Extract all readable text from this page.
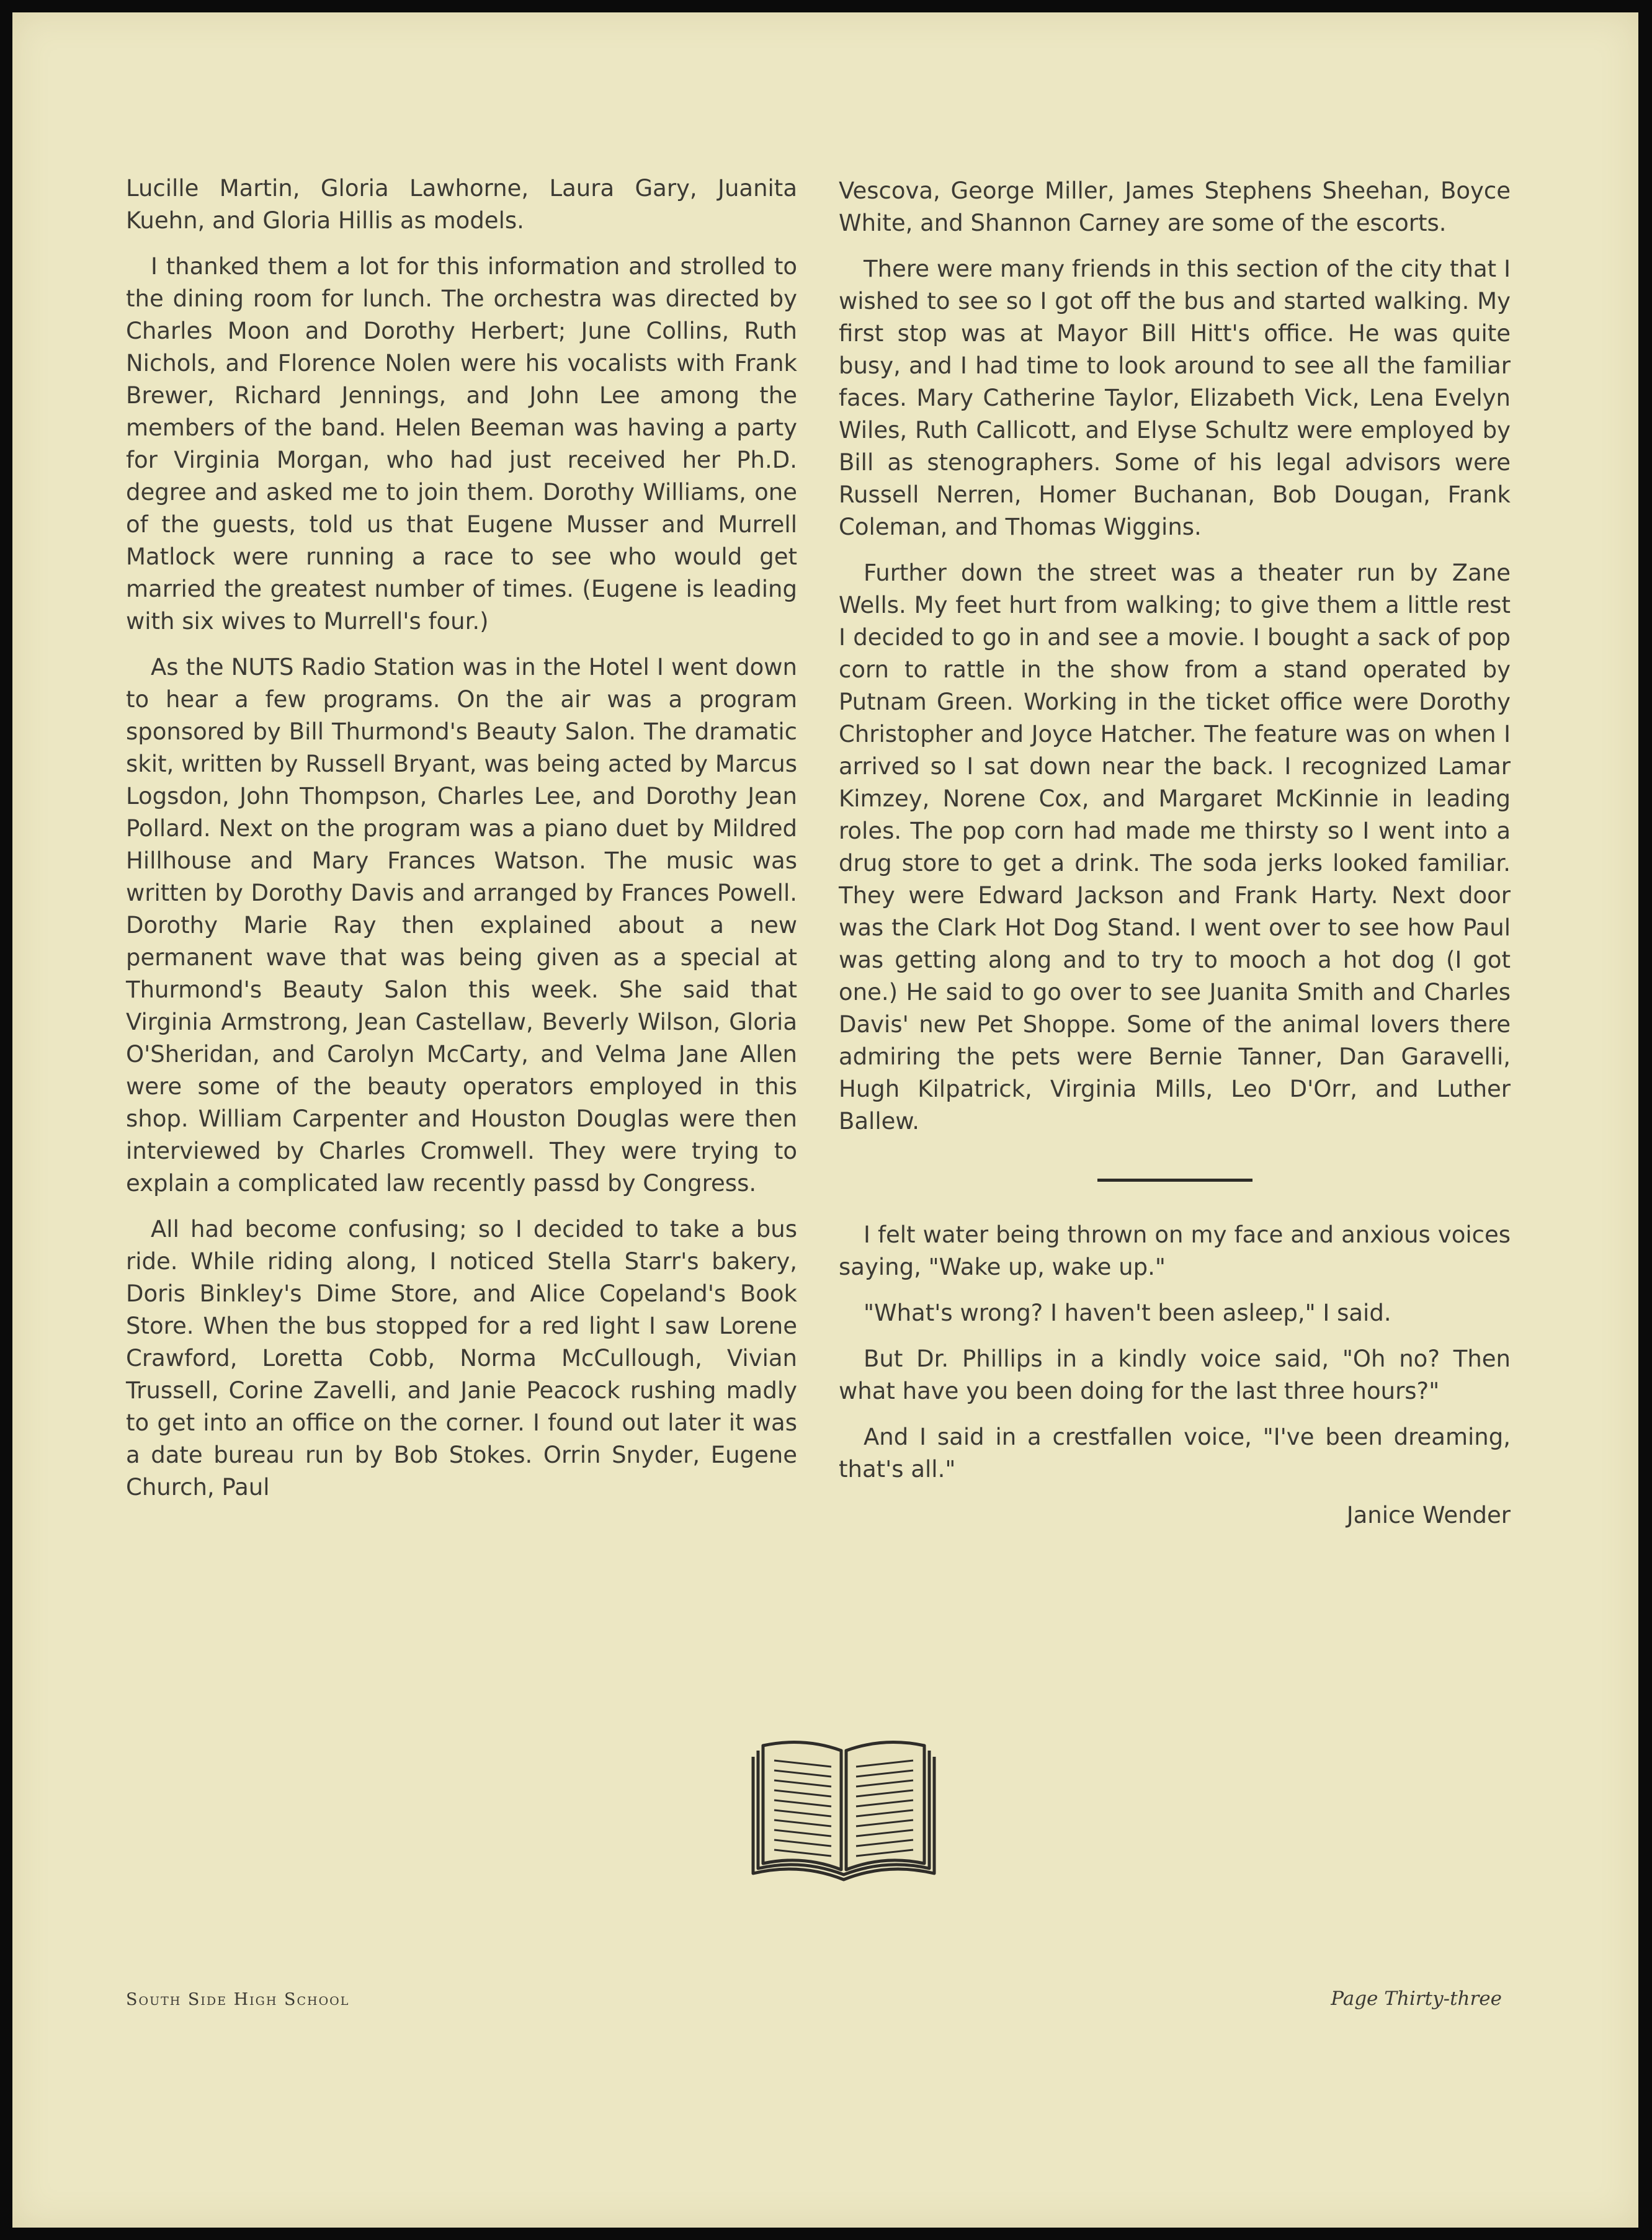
Lucille Martin, Gloria Lawhorne, Laura Gary, Juanita Kuehn, and Gloria Hillis as models.

I thanked them a lot for this information and strolled to the dining room for lunch. The orchestra was directed by Charles Moon and Dorothy Herbert; June Collins, Ruth Nichols, and Florence Nolen were his vocalists with Frank Brewer, Richard Jennings, and John Lee among the members of the band. Helen Beeman was having a party for Virginia Morgan, who had just received her Ph.D. degree and asked me to join them. Dorothy Williams, one of the guests, told us that Eugene Musser and Murrell Matlock were running a race to see who would get married the greatest number of times. (Eugene is leading with six wives to Murrell's four.)

As the NUTS Radio Station was in the Hotel I went down to hear a few programs. On the air was a program sponsored by Bill Thurmond's Beauty Salon. The dramatic skit, written by Russell Bryant, was being acted by Marcus Logsdon, John Thompson, Charles Lee, and Dorothy Jean Pollard. Next on the program was a piano duet by Mildred Hillhouse and Mary Frances Watson. The music was written by Dorothy Davis and arranged by Frances Powell. Dorothy Marie Ray then explained about a new permanent wave that was being given as a special at Thurmond's Beauty Salon this week. She said that Virginia Armstrong, Jean Castellaw, Beverly Wilson, Gloria O'Sheridan, and Carolyn McCarty, and Velma Jane Allen were some of the beauty operators employed in this shop. William Carpenter and Houston Douglas were then interviewed by Charles Cromwell. They were trying to explain a complicated law recently passd by Congress.

All had become confusing; so I decided to take a bus ride. While riding along, I noticed Stella Starr's bakery, Doris Binkley's Dime Store, and Alice Copeland's Book Store. When the bus stopped for a red light I saw Lorene Crawford, Loretta Cobb, Norma McCullough, Vivian Trussell, Corine Zavelli, and Janie Peacock rushing madly to get into an office on the corner. I found out later it was a date bureau run by Bob Stokes. Orrin Snyder, Eugene Church, Paul

Vescova, George Miller, James Stephens Sheehan, Boyce White, and Shannon Carney are some of the escorts.

There were many friends in this section of the city that I wished to see so I got off the bus and started walking. My first stop was at Mayor Bill Hitt's office. He was quite busy, and I had time to look around to see all the familiar faces. Mary Catherine Taylor, Elizabeth Vick, Lena Evelyn Wiles, Ruth Callicott, and Elyse Schultz were employed by Bill as stenographers. Some of his legal advisors were Russell Nerren, Homer Buchanan, Bob Dougan, Frank Coleman, and Thomas Wiggins.

Further down the street was a theater run by Zane Wells. My feet hurt from walking; to give them a little rest I decided to go in and see a movie. I bought a sack of pop corn to rattle in the show from a stand operated by Putnam Green. Working in the ticket office were Dorothy Christopher and Joyce Hatcher. The feature was on when I arrived so I sat down near the back. I recognized Lamar Kimzey, Norene Cox, and Margaret McKinnie in leading roles. The pop corn had made me thirsty so I went into a drug store to get a drink. The soda jerks looked familiar. They were Edward Jackson and Frank Harty. Next door was the Clark Hot Dog Stand. I went over to see how Paul was getting along and to try to mooch a hot dog (I got one.) He said to go over to see Juanita Smith and Charles Davis' new Pet Shoppe. Some of the animal lovers there admiring the pets were Bernie Tanner, Dan Garavelli, Hugh Kilpatrick, Virginia Mills, Leo D'Orr, and Luther Ballew.

I felt water being thrown on my face and anxious voices saying, "Wake up, wake up."

"What's wrong? I haven't been asleep," I said.

But Dr. Phillips in a kindly voice said, "Oh no? Then what have you been doing for the last three hours?"

And I said in a crestfallen voice, "I've been dreaming, that's all."

Janice Wender

South Side High School	Page Thirty-three
